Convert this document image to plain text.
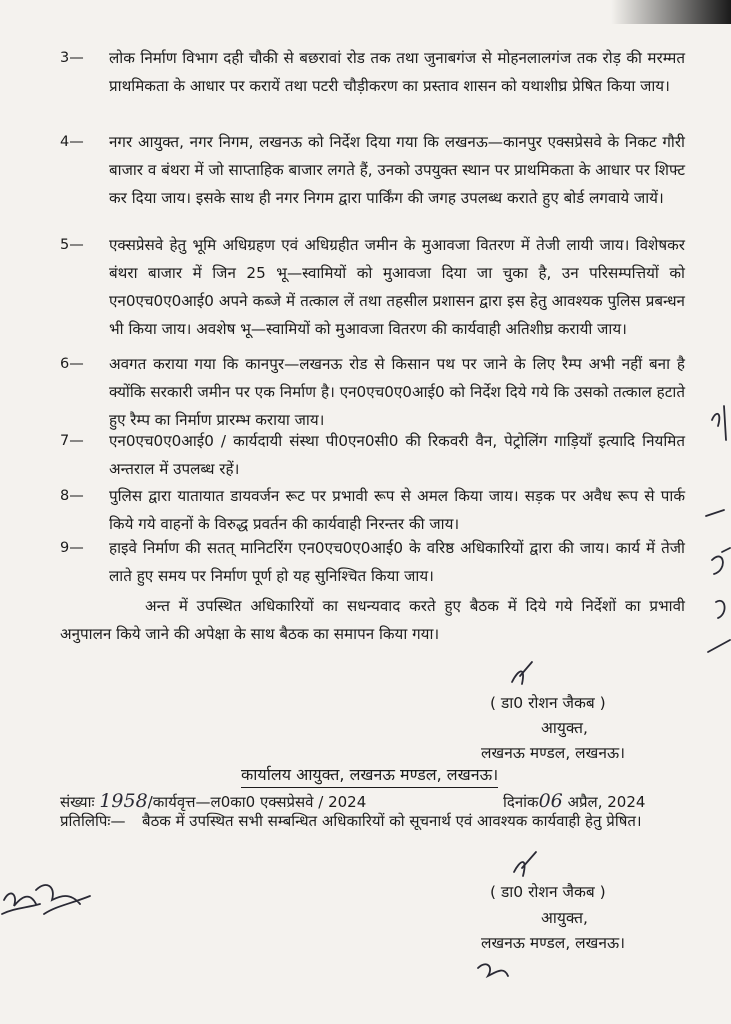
3— लोक निर्माण विभाग दही चौकी से बछरावां रोड तक तथा जुनाबगंज से मोहनलालगंज तक रोड़ की मरम्मत प्राथमिकता के आधार पर करायें तथा पटरी चौड़ीकरण का प्रस्ताव शासन को यथाशीघ्र प्रेषित किया जाय।
4— नगर आयुक्त, नगर निगम, लखनऊ को निर्देश दिया गया कि लखनऊ—कानपुर एक्सप्रेसवे के निकट गौरी बाजार व बंथरा में जो साप्ताहिक बाजार लगते हैं, उनको उपयुक्त स्थान पर प्राथमिकता के आधार पर शिफ्ट कर दिया जाय। इसके साथ ही नगर निगम द्वारा पार्किंग की जगह उपलब्ध कराते हुए बोर्ड लगवाये जायें।
5— एक्सप्रेसवे हेतु भूमि अधिग्रहण एवं अधिग्रहीत जमीन के मुआवजा वितरण में तेजी लायी जाय। विशेषकर बंथरा बाजार में जिन 25 भू—स्वामियों को मुआवजा दिया जा चुका है, उन परिसम्पत्तियों को एन0एच0ए0आई0 अपने कब्जे में तत्काल लें तथा तहसील प्रशासन द्वारा इस हेतु आवश्यक पुलिस प्रबन्धन भी किया जाय। अवशेष भू—स्वामियों को मुआवजा वितरण की कार्यवाही अतिशीघ्र करायी जाय।
6— अवगत कराया गया कि कानपुर—लखनऊ रोड से किसान पथ पर जाने के लिए रैम्प अभी नहीं बना है क्योंकि सरकारी जमीन पर एक निर्माण है। एन0एच0ए0आई0 को निर्देश दिये गये कि उसको तत्काल हटाते हुए रैम्प का निर्माण प्रारम्भ कराया जाय।
7— एन0एच0ए0आई0 / कार्यदायी संस्था पी0एन0सी0 की रिकवरी वैन, पेट्रोलिंग गाड़ियाँ इत्यादि नियमित अन्तराल में उपलब्ध रहें।
8— पुलिस द्वारा यातायात डायवर्जन रूट पर प्रभावी रूप से अमल किया जाय। सड़क पर अवैध रूप से पार्क किये गये वाहनों के विरुद्ध प्रवर्तन की कार्यवाही निरन्तर की जाय।
9— हाइवे निर्माण की सतत् मानिटरिंग एन0एच0ए0आई0 के वरिष्ठ अधिकारियों द्वारा की जाय। कार्य में तेजी लाते हुए समय पर निर्माण पूर्ण हो यह सुनिश्चित किया जाय।
अन्त में उपस्थित अधिकारियों का सधन्यवाद करते हुए बैठक में दिये गये निर्देशों का प्रभावी अनुपालन किये जाने की अपेक्षा के साथ बैठक का समापन किया गया।
( डा0 रोशन जैकब )
आयुक्त,
लखनऊ मण्डल, लखनऊ।
कार्यालय आयुक्त, लखनऊ मण्डल, लखनऊ।
संख्याः 1958/कार्यवृत्त—ल0का0 एक्सप्रेसवे / 2024	दिनांक06 अप्रैल, 2024
प्रतिलिपिः— बैठक में उपस्थित सभी सम्बन्धित अधिकारियों को सूचनार्थ एवं आवश्यक कार्यवाही हेतु प्रेषित।
( डा0 रोशन जैकब )
आयुक्त,
लखनऊ मण्डल, लखनऊ।
